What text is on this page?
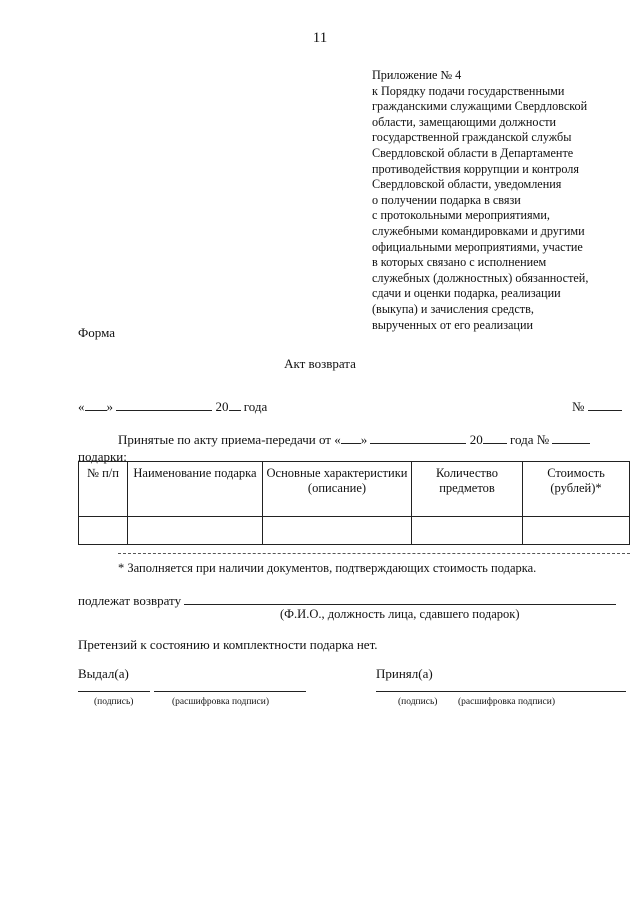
11
Приложение № 4
к Порядку подачи государственными
гражданскими служащими Свердловской
области, замещающими должности
государственной гражданской службы
Свердловской области в Департаменте
противодействия коррупции и контроля
Свердловской области, уведомления
о получении подарка в связи
с протокольными мероприятиями,
служебными командировками и другими
официальными мероприятиями, участие
в которых связано с исполнением
служебных (должностных) обязанностей,
сдачи и оценки подарка, реализации
(выкупа) и зачисления средств,
вырученных от его реализации
Форма
Акт возврата
« »	20 года	№
Принятые по акту приема-передачи от « »	20 года №
подарки:
№ п/п	Наименование подарка	Основные характеристики (описание)	Количество предметов	Стоимость (рублей)*

* Заполняется при наличии документов, подтверждающих стоимость подарка.
подлежат возврату
(Ф.И.О., должность лица, сдавшего подарок)
Претензий к состоянию и комплектности подарка нет.
Выдал(а)	Принял(а)
(подпись)	(расшифровка подписи)	(подпись) (расшифровка подписи)
